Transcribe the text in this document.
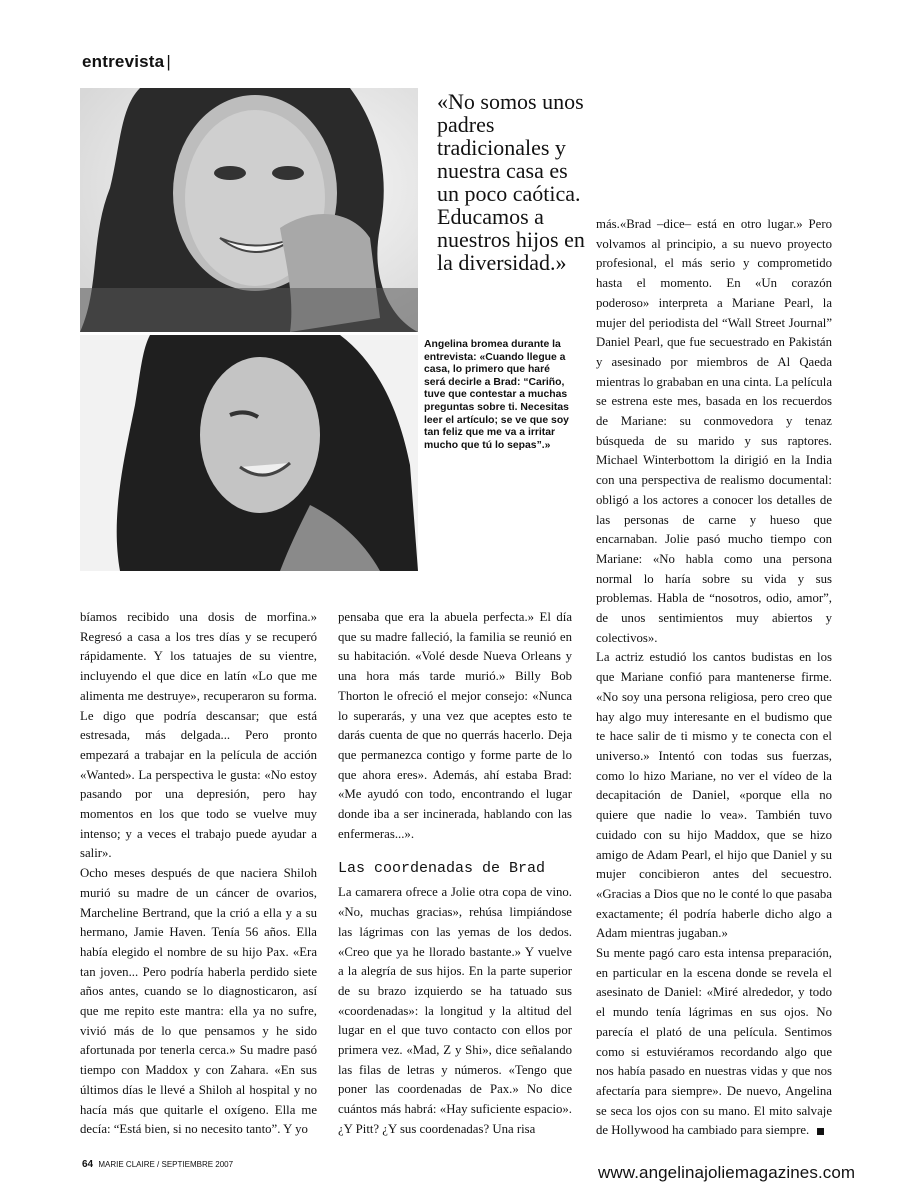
entrevista |

«No somos unos padres tradicionales y nuestra casa es un poco caótica. Educamos a nuestros hijos en la diversidad.»

Angelina bromea durante la entrevista: «Cuando llegue a casa, lo primero que haré será decirle a Brad: “Cariño, tuve que contestar a muchas preguntas sobre ti. Necesitas leer el artículo; se ve que soy tan feliz que me va a irritar mucho que tú lo sepas”.»

más.«Brad –dice– está en otro lugar.» Pero volvamos al principio, a su nuevo proyecto profesional, el más serio y comprometido hasta el momento. En «Un corazón poderoso» interpreta a Mariane Pearl, la mujer del periodista del “Wall Street Journal” Daniel Pearl, que fue secuestrado en Pakistán y asesinado por miembros de Al Qaeda mientras lo grababan en una cinta. La película se estrena este mes, basada en los recuerdos de Mariane: su conmovedora y tenaz búsqueda de su marido y sus raptores. Michael Winterbottom la dirigió en la India con una perspectiva de realismo documental: obligó a los actores a conocer los detalles de las personas de carne y hueso que encarnaban. Jolie pasó mucho tiempo con Mariane: «No habla como una persona normal lo haría sobre su vida y sus problemas. Habla de “nosotros, odio, amor”, de unos sentimientos muy abiertos y colectivos».

La actriz estudió los cantos budistas en los que Mariane confió para mantenerse firme. «No soy una persona religiosa, pero creo que hay algo muy interesante en el budismo que te hace salir de ti mismo y te conecta con el universo.» Intentó con todas sus fuerzas, como lo hizo Mariane, no ver el vídeo de la decapitación de Daniel, «porque ella no quiere que nadie lo vea». También tuvo cuidado con su hijo Maddox, que se hizo amigo de Adam Pearl, el hijo que Daniel y su mujer concibieron antes del secuestro. «Gracias a Dios que no le conté lo que pasaba exactamente; él podría haberle dicho algo a Adam mientras jugaban.»

Su mente pagó caro esta intensa preparación, en particular en la escena donde se revela el asesinato de Daniel: «Miré alrededor, y todo el mundo tenía lágrimas en sus ojos. No parecía el plató de una película. Sentimos como si estuviéramos recordando algo que nos había pasado en nuestras vidas y que nos afectaría para siempre». De nuevo, Angelina se seca los ojos con su mano. El mito salvaje de Hollywood ha cambiado para siempre.

bíamos recibido una dosis de morfina.» Regresó a casa a los tres días y se recuperó rápidamente. Y los tatuajes de su vientre, incluyendo el que dice en latín «Lo que me alimenta me destruye», recuperaron su forma. Le digo que podría descansar; que está estresada, más delgada... Pero pronto empezará a trabajar en la película de acción «Wanted». La perspectiva le gusta: «No estoy pasando por una depresión, pero hay momentos en los que todo se vuelve muy intenso; y a veces el trabajo puede ayudar a salir».

Ocho meses después de que naciera Shiloh murió su madre de un cáncer de ovarios, Marcheline Bertrand, que la crió a ella y a su hermano, Jamie Haven. Tenía 56 años. Ella había elegido el nombre de su hijo Pax. «Era tan joven... Pero podría haberla perdido siete años antes, cuando se lo diagnosticaron, así que me repito este mantra: ella ya no sufre, vivió más de lo que pensamos y he sido afortunada por tenerla cerca.» Su madre pasó tiempo con Maddox y con Zahara. «En sus últimos días le llevé a Shiloh al hospital y no hacía más que quitarle el oxígeno. Ella me decía: “Está bien, si no necesito tanto”. Y yo

pensaba que era la abuela perfecta.» El día que su madre falleció, la familia se reunió en su habitación. «Volé desde Nueva Orleans y una hora más tarde murió.» Billy Bob Thorton le ofreció el mejor consejo: «Nunca lo superarás, y una vez que aceptes esto te darás cuenta de que no querrás hacerlo. Deja que permanezca contigo y forme parte de lo que ahora eres». Además, ahí estaba Brad: «Me ayudó con todo, encontrando el lugar donde iba a ser incinerada, hablando con las enfermeras...».

Las coordenadas de Brad

La camarera ofrece a Jolie otra copa de vino. «No, muchas gracias», rehúsa limpiándose las lágrimas con las yemas de los dedos. «Creo que ya he llorado bastante.» Y vuelve a la alegría de sus hijos. En la parte superior de su brazo izquierdo se ha tatuado sus «coordenadas»: la longitud y la altitud del lugar en el que tuvo contacto con ellos por primera vez. «Mad, Z y Shi», dice señalando las filas de letras y números. «Tengo que poner las coordenadas de Pax.» No dice cuántos más habrá: «Hay suficiente espacio». ¿Y Pitt? ¿Y sus coordenadas? Una risa

64 MARIE CLAIRE / SEPTIEMBRE 2007	www.angelinajoliemagazines.com
